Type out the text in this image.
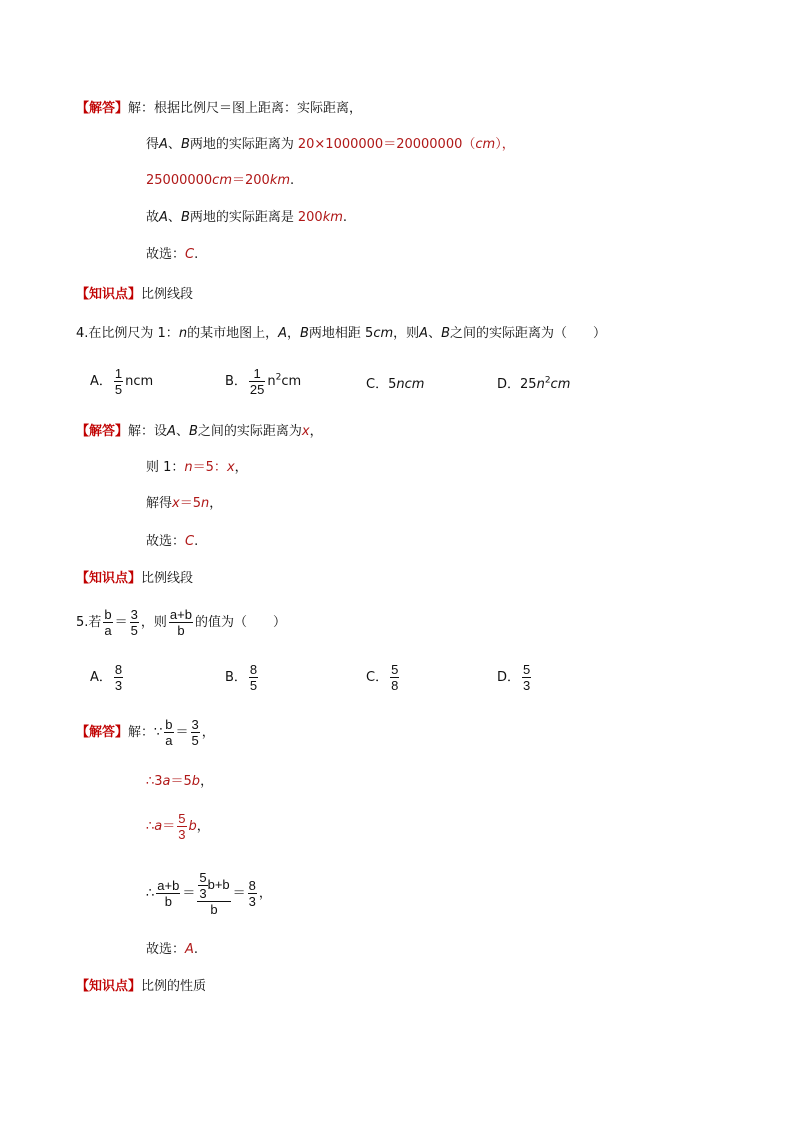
【解答】解：根据比例尺＝图上距离：实际距离，
得A、B两地的实际距离为 20×1000000＝20000000（cm），
25000000cm＝200km.
故A、B两地的实际距离是 200km.
故选：C.
【知识点】比例线段
4.在比例尺为 1：n的某市地图上，A，B两地相距 5cm，则A、B之间的实际距离为（　　）
A． $\frac{1}{5}$ ncm	B． $\frac{1}{25} n^2cm$	C．5ncm	D．$25n^2cm$
【解答】解：设A、B之间的实际距离为x，
则 1：n＝5：x，
解得x＝5n，
故选：C.
【知识点】比例线段
5.若 $\frac{b}{a} = \frac{3}{5}$ ，则 $\frac{a+b}{b}$ 的值为（　　）
A． $\frac{8}{3}$	B． $\frac{8}{5}$	C． $\frac{5}{8}$	D． $\frac{5}{3}$
【解答】解：∵ $\frac{b}{a} = \frac{3}{5}$ ，
∴3a＝5b，
∴a＝ $\frac{5}{3}$ b，
∴ $\frac{a+b}{b} = \frac{\frac{5}{3} b+b}{b} = \frac{8}{3}$ ，
故选：A.
【知识点】比例的性质
